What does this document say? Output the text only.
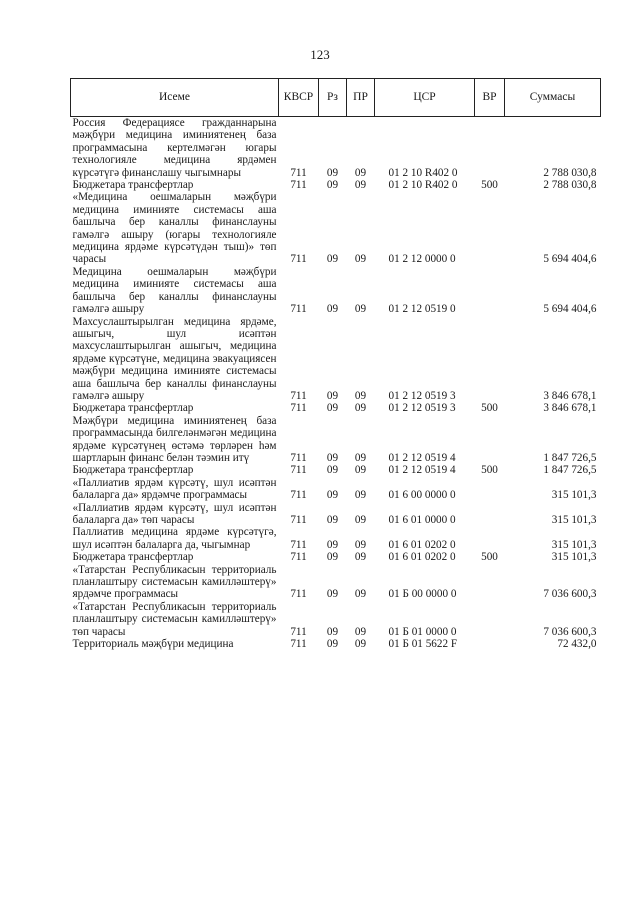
123
Исеме	КВСР	Рз	ПР	ЦСР	ВР	Суммасы
Россия Федерациясе гражданнарына мәҗбүри медицина иминиятенең база программасына кертелмәгән югары технологияле медицина ярдәмен күрсәтүгә финанслашу чыгымнары	711	09	09	01 2 10 R402 0		2 788 030,8
Бюджетара трансфертлар	711	09	09	01 2 10 R402 0	500	2 788 030,8
«Медицина оешмаларын мәҗбүри медицина иминияте системасы аша башлыча бер каналлы финанслауны гамәлгә ашыру (югары технологияле медицина ярдәме күрсәтүдән тыш)» төп чарасы	711	09	09	01 2 12 0000 0		5 694 404,6
Медицина оешмаларын мәҗбүри медицина иминияте системасы аша башлыча бер каналлы финанслауны гамәлгә ашыру	711	09	09	01 2 12 0519 0		5 694 404,6
Махсуслаштырылган медицина ярдәме, ашыгыч, шул исәптән махсуслаштырылган ашыгыч, медицина ярдәме күрсәтүне, медицина эвакуациясен мәҗбүри медицина иминияте системасы аша башлыча бер каналлы финанслауны гамәлгә ашыру	711	09	09	01 2 12 0519 3		3 846 678,1
Бюджетара трансфертлар	711	09	09	01 2 12 0519 3	500	3 846 678,1
Мәҗбүри медицина иминиятенең база программасында билгеләнмәгән медицина ярдәме күрсәтүнең өстәмә төрләрен һәм шартларын финанс белән тәэмин итү	711	09	09	01 2 12 0519 4		1 847 726,5
Бюджетара трансфертлар	711	09	09	01 2 12 0519 4	500	1 847 726,5
«Паллиатив ярдәм күрсәтү, шул исәптән балаларга да» ярдәмче программасы	711	09	09	01 6 00 0000 0		315 101,3
«Паллиатив ярдәм күрсәтү, шул исәптән балаларга да» төп чарасы	711	09	09	01 6 01 0000 0		315 101,3
Паллиатив медицина ярдәме күрсәтүгә, шул исәптән балаларга да, чыгымнар	711	09	09	01 6 01 0202 0		315 101,3
Бюджетара трансфертлар	711	09	09	01 6 01 0202 0	500	315 101,3
«Татарстан Республикасын территориаль планлаштыру системасын камилләштерү» ярдәмче программасы	711	09	09	01 Б 00 0000 0		7 036 600,3
«Татарстан Республикасын территориаль планлаштыру системасын камилләштерү» төп чарасы	711	09	09	01 Б 01 0000 0		7 036 600,3
Территориаль мәҗбүри медицина	711	09	09	01 Б 01 5622 F		72 432,0
